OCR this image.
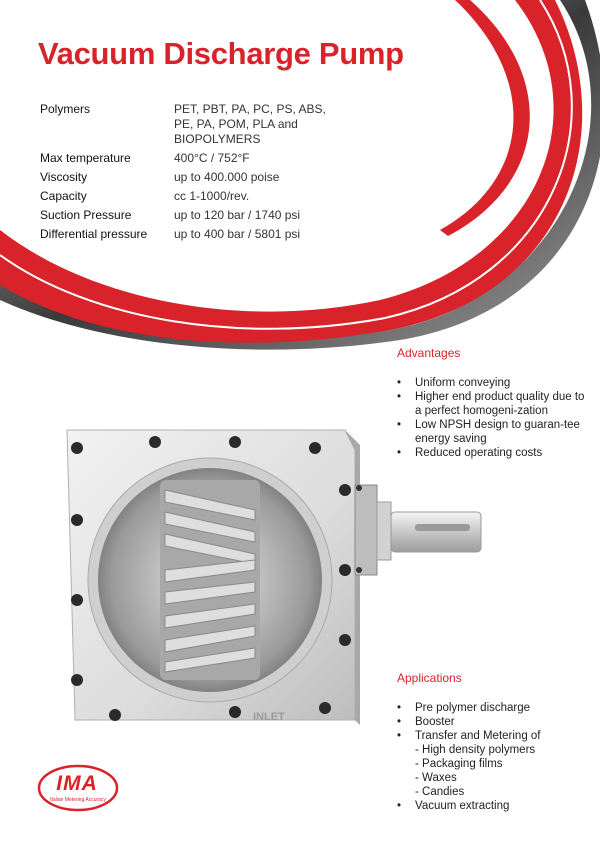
Vacuum Discharge Pump
Polymers	PET, PBT, PA, PC, PS, ABS, PE, PA, POM, PLA and BIOPOLYMERS
Max temperature	400°C / 752°F
Viscosity	up to 400.000 poise
Capacity	cc 1-1000/rev.
Suction Pressure	up to 120 bar / 1740 psi
Differential pressure	up to 400 bar / 5801 psi
Advantages
• Uniform conveying
• Higher end product quality due to a perfect homogeni-zation
• Low NPSH design to guaran-tee energy saving
• Reduced operating costs
Applications
• Pre polymer discharge
• Booster
• Transfer and Metering of
- High density polymers
- Packaging films
- Waxes
- Candies
• Vacuum extracting
INLET
IMA
Italian Metering Accuracy
